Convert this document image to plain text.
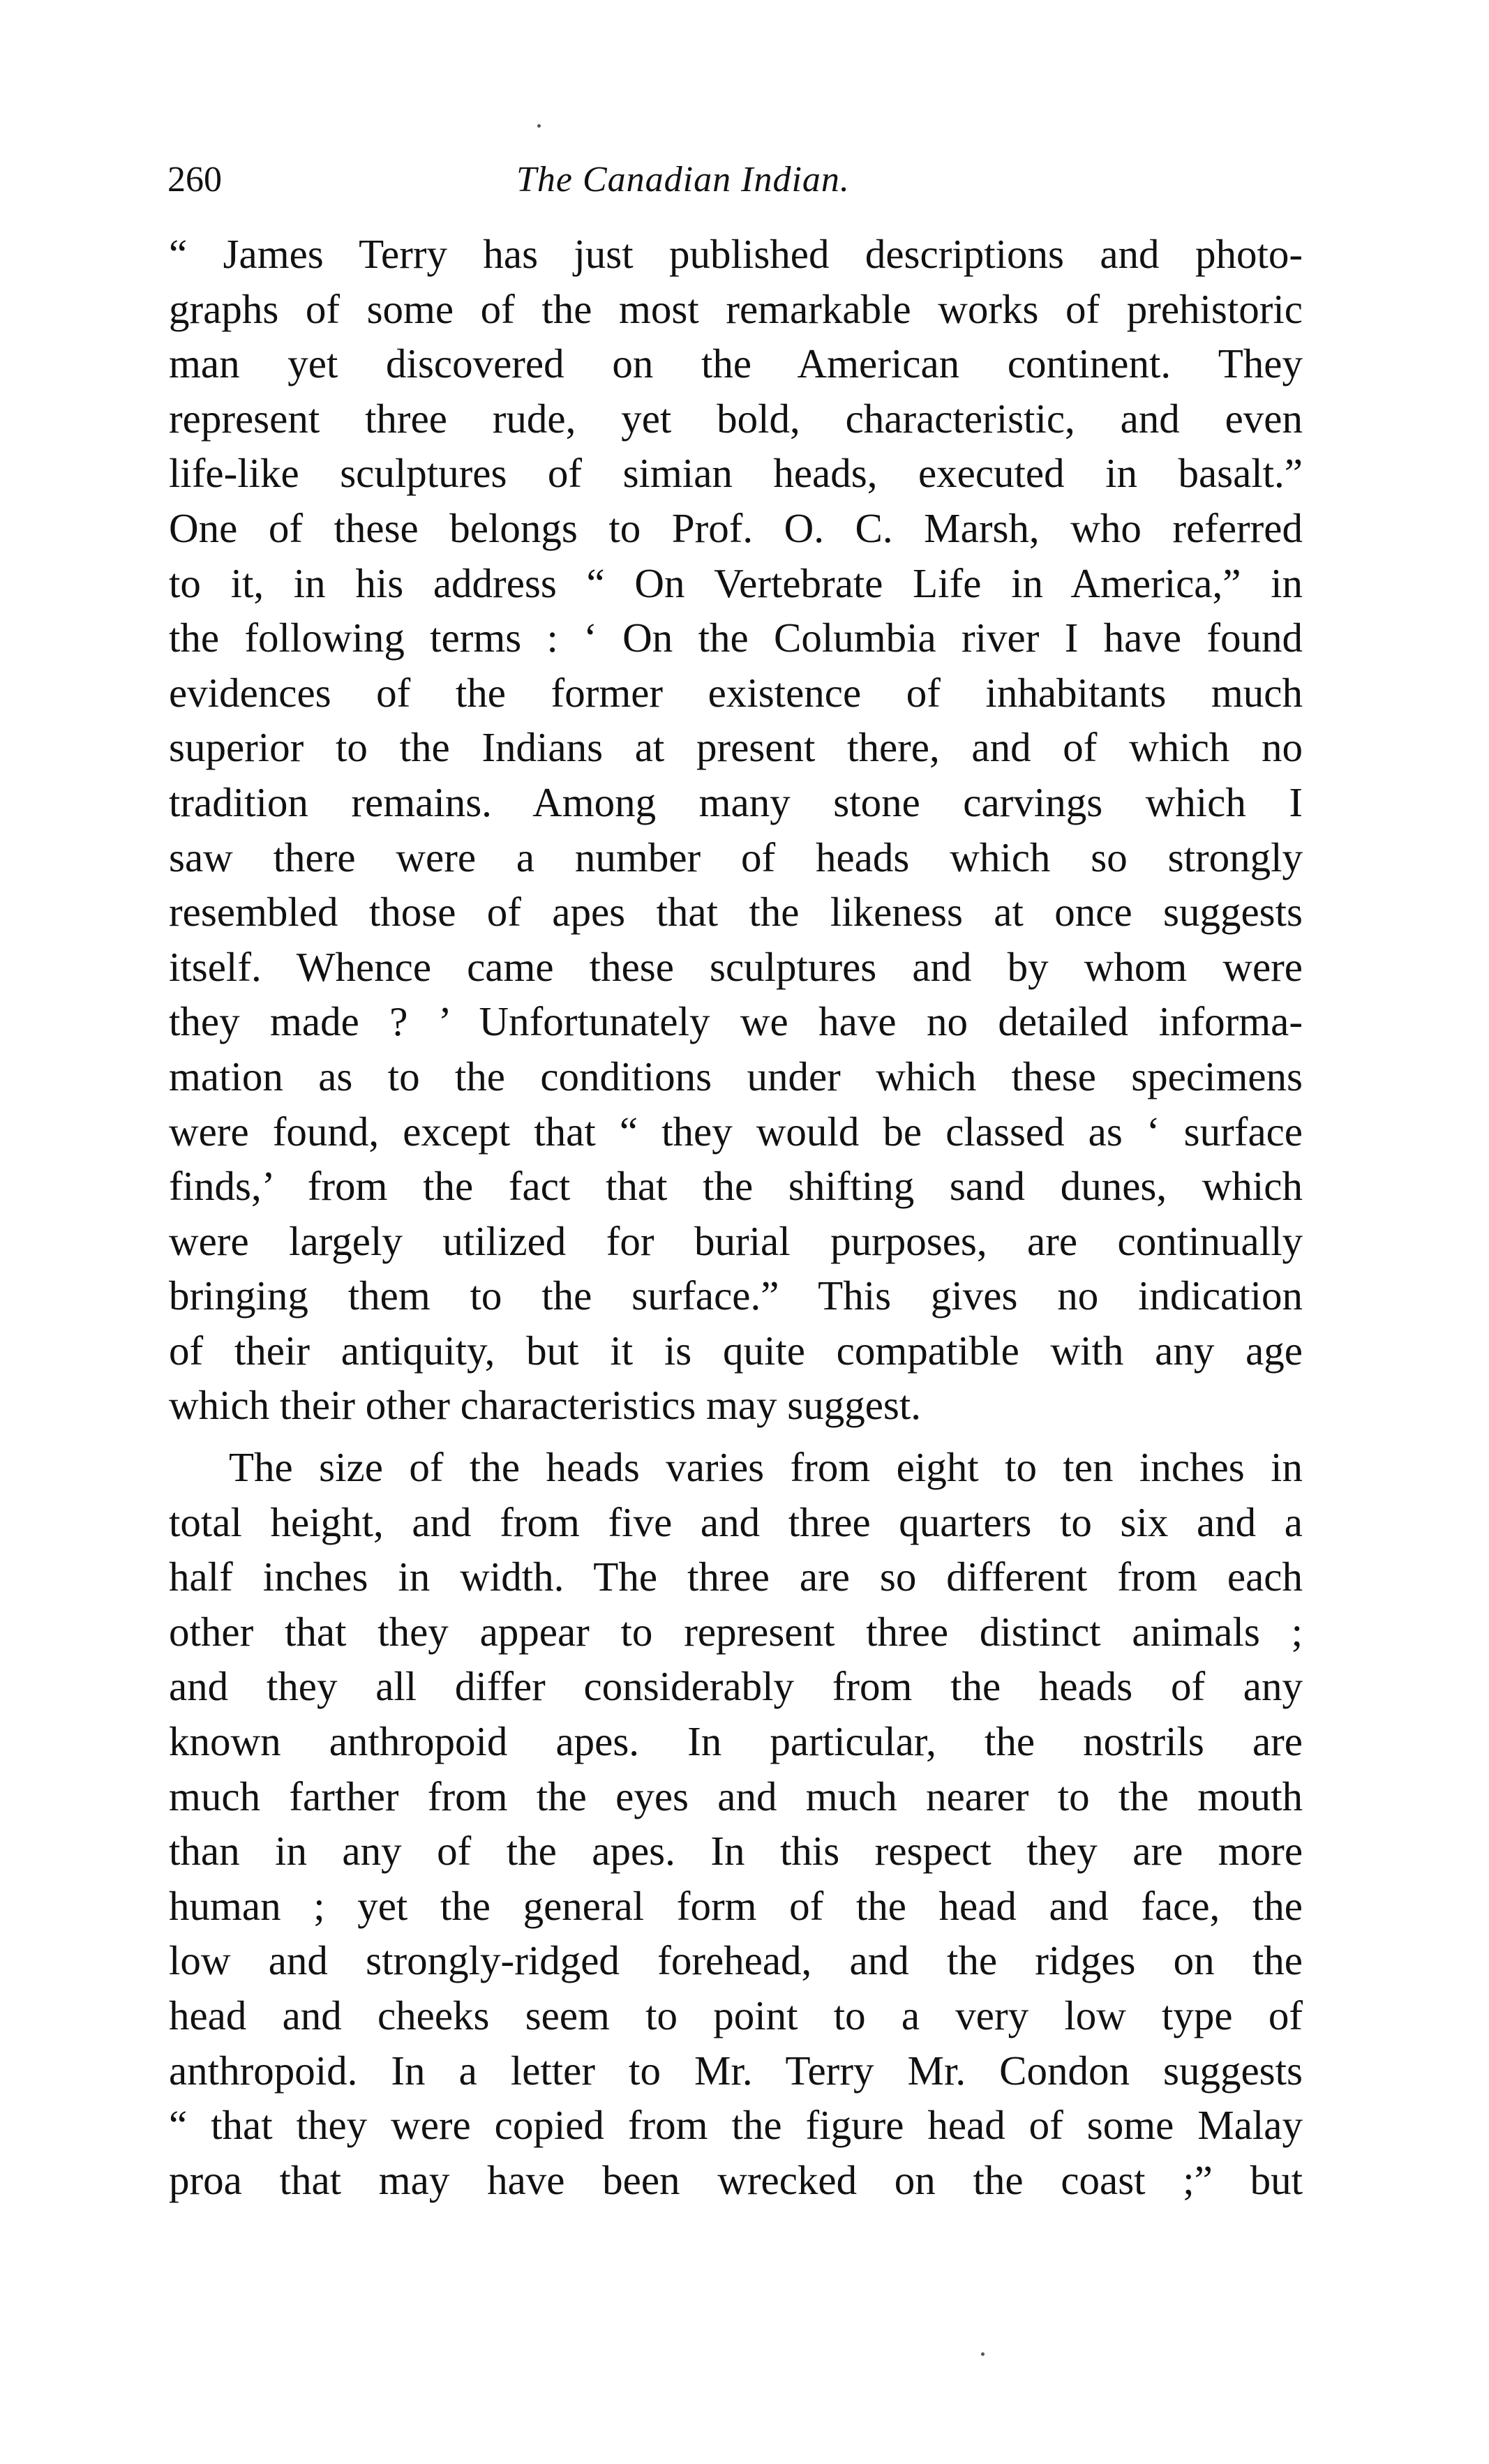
260	The Canadian Indian.
“ James Terry has just published descriptions and photo-
graphs of some of the most remarkable works of prehistoric
man yet discovered on the American continent. They
represent three rude, yet bold, characteristic, and even
life-like sculptures of simian heads, executed in basalt.”
One of these belongs to Prof. O. C. Marsh, who referred
to it, in his address “ On Vertebrate Life in America,” in
the following terms : ‘ On the Columbia river I have found
evidences of the former existence of inhabitants much
superior to the Indians at present there, and of which no
tradition remains. Among many stone carvings which I
saw there were a number of heads which so strongly
resembled those of apes that the likeness at once suggests
itself. Whence came these sculptures and by whom were
they made ? ’ Unfortunately we have no detailed informa-
mation as to the conditions under which these specimens
were found, except that “ they would be classed as ‘ surface
finds,’ from the fact that the shifting sand dunes, which
were largely utilized for burial purposes, are continually
bringing them to the surface.” This gives no indication
of their antiquity, but it is quite compatible with any age
which their other characteristics may suggest.
The size of the heads varies from eight to ten inches in
total height, and from five and three quarters to six and a
half inches in width. The three are so different from each
other that they appear to represent three distinct animals ;
and they all differ considerably from the heads of any
known anthropoid apes. In particular, the nostrils are
much farther from the eyes and much nearer to the mouth
than in any of the apes. In this respect they are more
human ; yet the general form of the head and face, the
low and strongly-ridged forehead, and the ridges on the
head and cheeks seem to point to a very low type of
anthropoid. In a letter to Mr. Terry Mr. Condon suggests
“ that they were copied from the figure head of some Malay
proa that may have been wrecked on the coast ;” but
